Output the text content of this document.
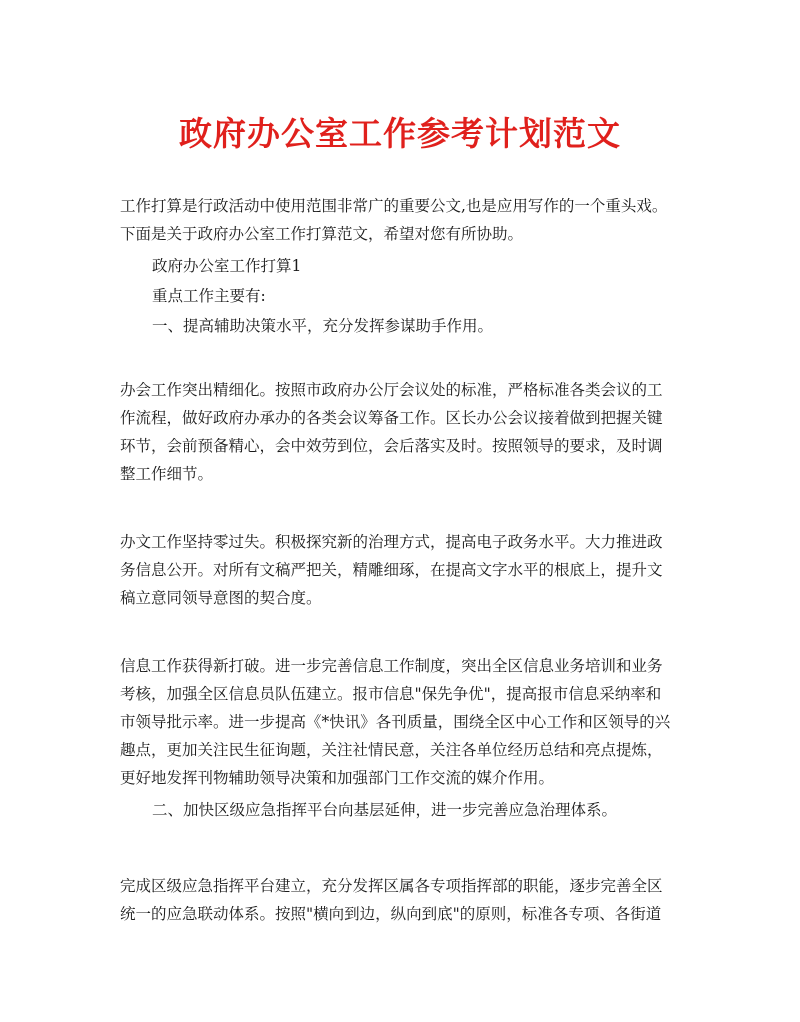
政府办公室工作参考计划范文
工作打算是行政活动中使用范围非常广的重要公文,也是应用写作的一个重头戏。
下面是关于政府办公室工作打算范文，希望对您有所协助。
政府办公室工作打算1
重点工作主要有:
一、提高辅助决策水平，充分发挥参谋助手作用。
办会工作突出精细化。按照市政府办公厅会议处的标准，严格标准各类会议的工
作流程，做好政府办承办的各类会议筹备工作。区长办公会议接着做到把握关键
环节，会前预备精心，会中效劳到位，会后落实及时。按照领导的要求，及时调
整工作细节。
办文工作坚持零过失。积极探究新的治理方式，提高电子政务水平。大力推进政
务信息公开。对所有文稿严把关，精雕细琢，在提高文字水平的根底上，提升文
稿立意同领导意图的契合度。
信息工作获得新打破。进一步完善信息工作制度，突出全区信息业务培训和业务
考核，加强全区信息员队伍建立。报市信息"保先争优"，提高报市信息采纳率和
市领导批示率。进一步提高《*快讯》各刊质量，围绕全区中心工作和区领导的兴
趣点，更加关注民生征询题，关注社情民意，关注各单位经历总结和亮点提炼，
更好地发挥刊物辅助领导决策和加强部门工作交流的媒介作用。
二、加快区级应急指挥平台向基层延伸，进一步完善应急治理体系。
完成区级应急指挥平台建立，充分发挥区属各专项指挥部的职能，逐步完善全区
统一的应急联动体系。按照"横向到边，纵向到底"的原则，标准各专项、各街道
